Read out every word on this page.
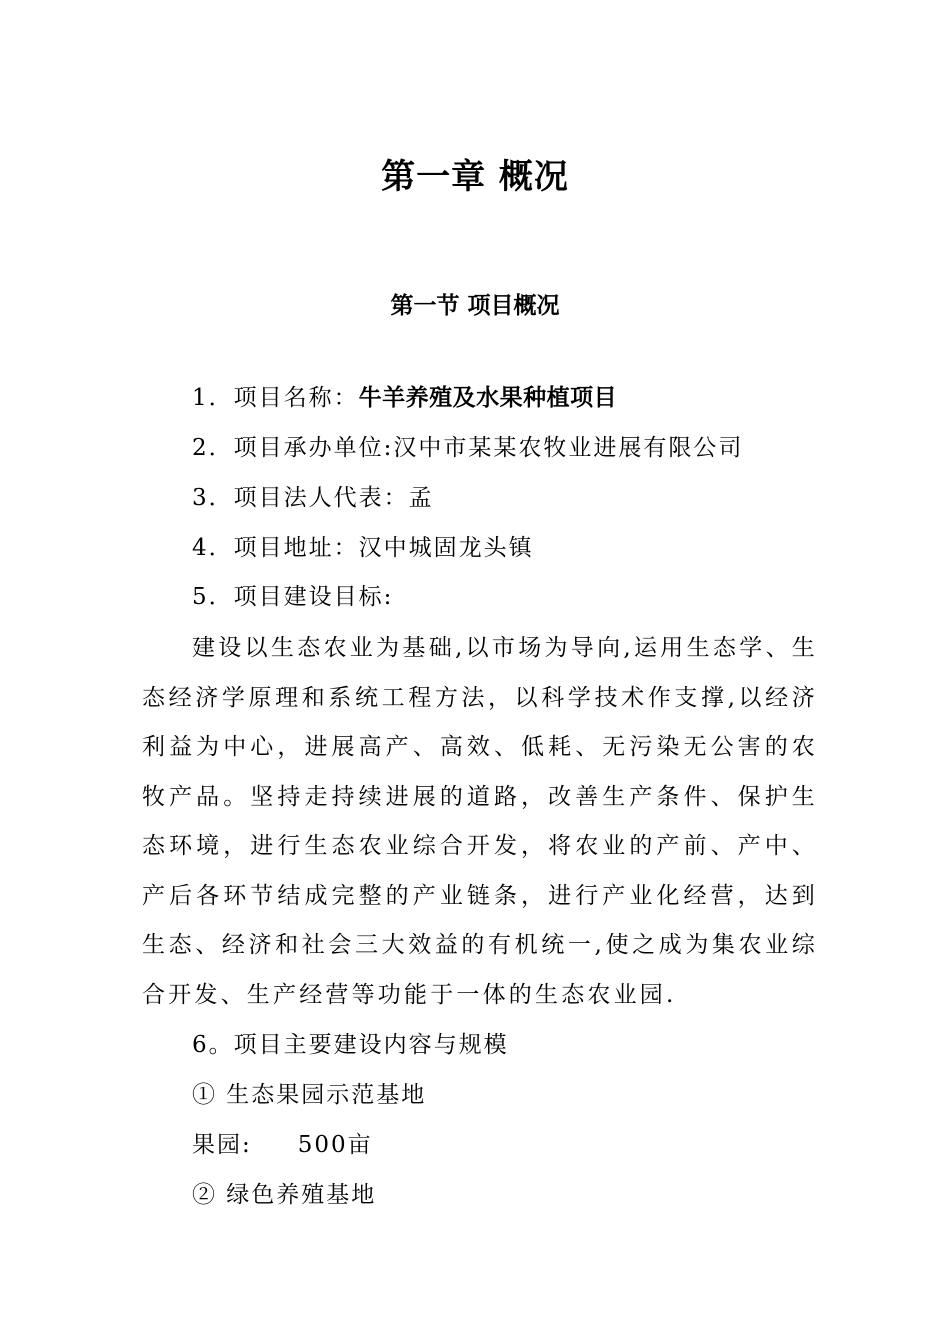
第一章 概况
第一节 项目概况
1．项目名称：牛羊养殖及水果种植项目
2．项目承办单位:汉中市某某农牧业进展有限公司
3．项目法人代表：孟
4．项目地址：汉中城固龙头镇
5．项目建设目标:
建设以生态农业为基础,以市场为导向,运用生态学、生态经济学原理和系统工程方法，以科学技术作支撑,以经济利益为中心，进展高产、高效、低耗、无污染无公害的农牧产品。坚持走持续进展的道路，改善生产条件、保护生态环境，进行生态农业综合开发，将农业的产前、产中、产后各环节结成完整的产业链条，进行产业化经营，达到生态、经济和社会三大效益的有机统一,使之成为集农业综合开发、生产经营等功能于一体的生态农业园.
6。项目主要建设内容与规模
① 生态果园示范基地
果园: 500亩
② 绿色养殖基地
